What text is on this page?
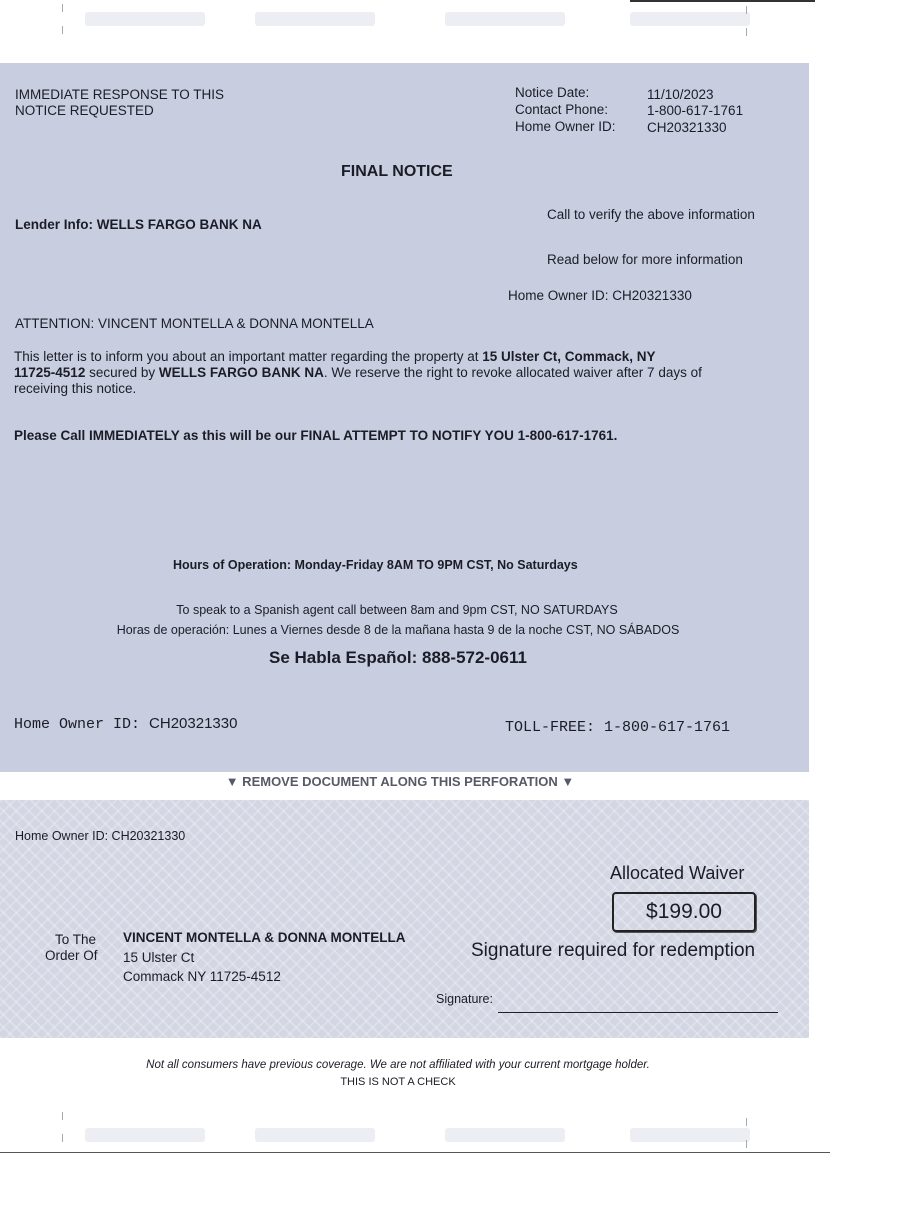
IMMEDIATE RESPONSE TO THIS
NOTICE REQUESTED
Notice Date:	11/10/2023
Contact Phone:	1-800-617-1761
Home Owner ID: CH20321330
FINAL NOTICE
Lender Info: WELLS FARGO BANK NA
Call to verify the above information
Read below for more information
Home Owner ID: CH20321330
ATTENTION: VINCENT MONTELLA & DONNA MONTELLA
This letter is to inform you about an important matter regarding the property at 15 Ulster Ct, Commack, NY
11725-4512 secured by WELLS FARGO BANK NA. We reserve the right to revoke allocated waiver after 7 days of
receiving this notice.
Please Call IMMEDIATELY as this will be our FINAL ATTEMPT TO NOTIFY YOU 1-800-617-1761.
Hours of Operation: Monday-Friday 8AM TO 9PM CST, No Saturdays
To speak to a Spanish agent call between 8am and 9pm CST, NO SATURDAYS
Horas de operación: Lunes a Viernes desde 8 de la mañana hasta 9 de la noche CST, NO SÁBADOS
Se Habla Español: 888-572-0611
Home Owner ID: CH20321330	TOLL-FREE: 1-800-617-1761
▼ REMOVE DOCUMENT ALONG THIS PERFORATION ▼
Home Owner ID: CH20321330
Allocated Waiver
$199.00
Signature required for redemption
To The
Order Of
VINCENT MONTELLA & DONNA MONTELLA
15 Ulster Ct
Commack NY 11725-4512
Signature:
Not all consumers have previous coverage. We are not affiliated with your current mortgage holder.
THIS IS NOT A CHECK
